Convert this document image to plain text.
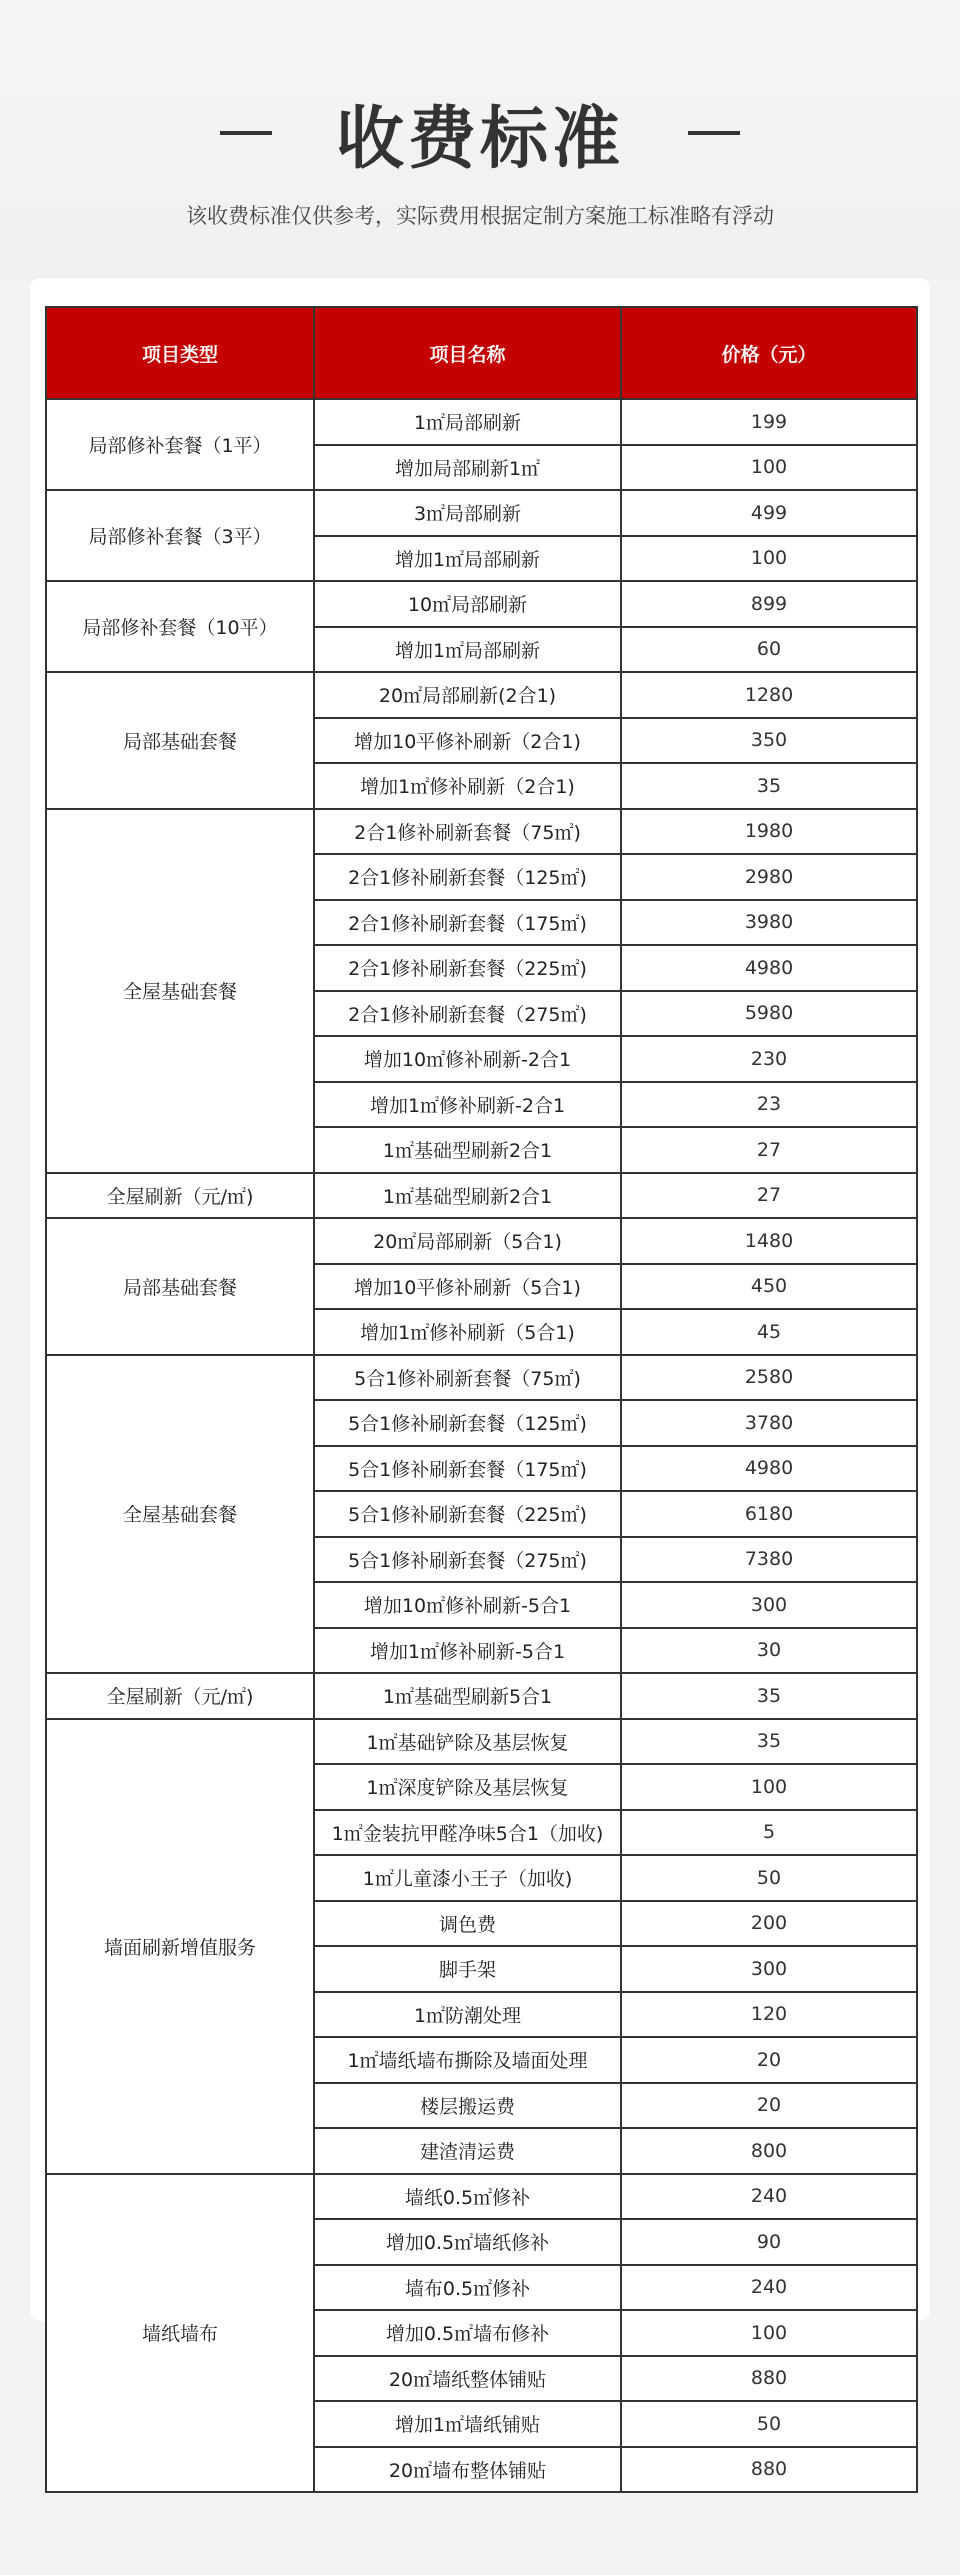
收费标准
该收费标准仅供参考，实际费用根据定制方案施工标准略有浮动
项目类型	项目名称	价格（元）
局部修补套餐（1平）	1㎡局部刷新	199
	增加局部刷新1㎡	100
局部修补套餐（3平）	3㎡局部刷新	499
	增加1㎡局部刷新	100
局部修补套餐（10平）	10㎡局部刷新	899
	增加1㎡局部刷新	60
局部基础套餐	20㎡局部刷新(2合1)	1280
	增加10平修补刷新（2合1)	350
	增加1㎡修补刷新（2合1)	35
全屋基础套餐	2合1修补刷新套餐（75㎡)	1980
	2合1修补刷新套餐（125㎡)	2980
	2合1修补刷新套餐（175㎡)	3980
	2合1修补刷新套餐（225㎡)	4980
	2合1修补刷新套餐（275㎡)	5980
	增加10㎡修补刷新-2合1	230
	增加1㎡修补刷新-2合1	23
	1㎡基础型刷新2合1	27
全屋刷新（元/㎡)	1㎡基础型刷新2合1	27
局部基础套餐	20㎡局部刷新（5合1)	1480
	增加10平修补刷新（5合1)	450
	增加1㎡修补刷新（5合1)	45
全屋基础套餐	5合1修补刷新套餐（75㎡)	2580
	5合1修补刷新套餐（125㎡)	3780
	5合1修补刷新套餐（175㎡)	4980
	5合1修补刷新套餐（225㎡)	6180
	5合1修补刷新套餐（275㎡)	7380
	增加10㎡修补刷新-5合1	300
	增加1㎡修补刷新-5合1	30
全屋刷新（元/㎡)	1㎡基础型刷新5合1	35
墙面刷新增值服务	1㎡基础铲除及基层恢复	35
	1㎡深度铲除及基层恢复	100
	1㎡金装抗甲醛净味5合1（加收)	5
	1㎡儿童漆小王子（加收)	50
	调色费	200
	脚手架	300
	1㎡防潮处理	120
	1㎡墙纸墙布撕除及墙面处理	20
	楼层搬运费	20
	建渣清运费	800
墙纸墙布	墙纸0.5㎡修补	240
	增加0.5㎡墙纸修补	90
	墙布0.5㎡修补	240
	增加0.5㎡墙布修补	100
	20㎡墙纸整体铺贴	880
	增加1㎡墙纸铺贴	50
	20㎡墙布整体铺贴	880
